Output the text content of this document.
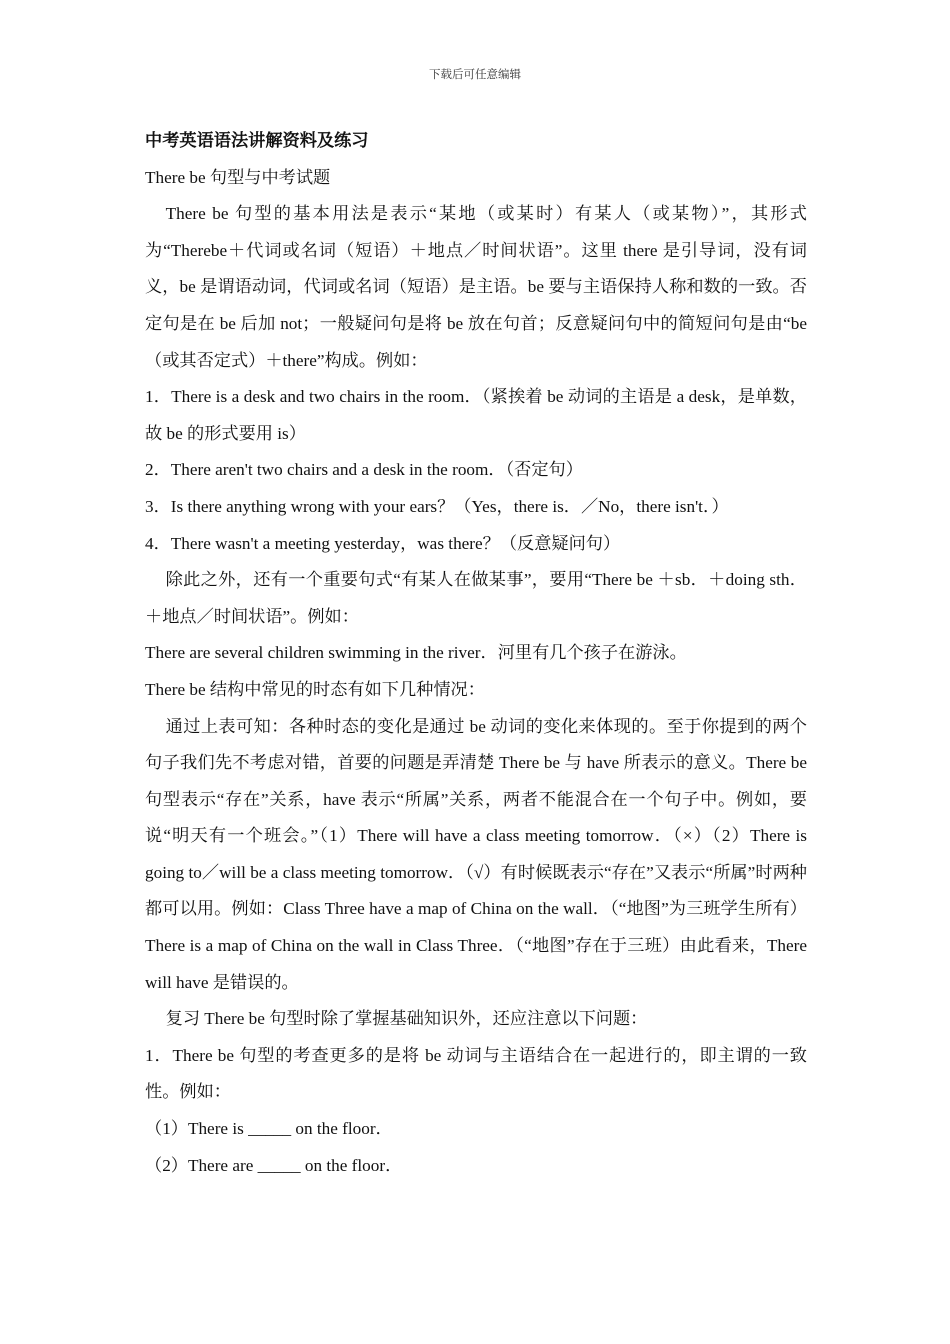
下载后可任意编辑

中考英语语法讲解资料及练习

There be 句型与中考试题

There be 句型的基本用法是表示“某地（或某时）有某人（或某物）”，其形式为“Therebe＋代词或名词（短语）＋地点／时间状语”。这里 there 是引导词，没有词义，be 是谓语动词，代词或名词（短语）是主语。be 要与主语保持人称和数的一致。否定句是在 be 后加 not；一般疑问句是将 be 放在句首；反意疑问句中的简短问句是由“be（或其否定式）＋there”构成。例如：

1．There is a desk and two chairs in the room．（紧挨着 be 动词的主语是 a desk，是单数，故 be 的形式要用 is）

2．There aren't two chairs and a desk in the room．（否定句）

3．Is there anything wrong with your ears？（Yes，there is．／No，there isn't．）

4．There wasn't a meeting yesterday，was there？（反意疑问句）

除此之外，还有一个重要句式“有某人在做某事”，要用“There be ＋sb．＋doing sth．＋地点／时间状语”。例如：

There are several children swimming in the river．河里有几个孩子在游泳。

There be 结构中常见的时态有如下几种情况：

通过上表可知：各种时态的变化是通过 be 动词的变化来体现的。至于你提到的两个句子我们先不考虑对错，首要的问题是弄清楚 There be 与 have 所表示的意义。There be 句型表示“存在”关系，have 表示“所属”关系，两者不能混合在一个句子中。例如，要说“明天有一个班会。”（1）There will have a class meeting tomorrow．（×）（2）There is going to／will be a class meeting tomorrow．（√）有时候既表示“存在”又表示“所属”时两种都可以用。例如：Class Three have a map of China on the wall．（“地图”为三班学生所有）There is a map of China on the wall in Class Three．（“地图”存在于三班）由此看来，There will have 是错误的。

复习 There be 句型时除了掌握基础知识外，还应注意以下问题：

1．There be 句型的考查更多的是将 be 动词与主语结合在一起进行的，即主谓的一致性。例如：

（1）There is _____ on the floor．

（2）There are _____ on the floor．
